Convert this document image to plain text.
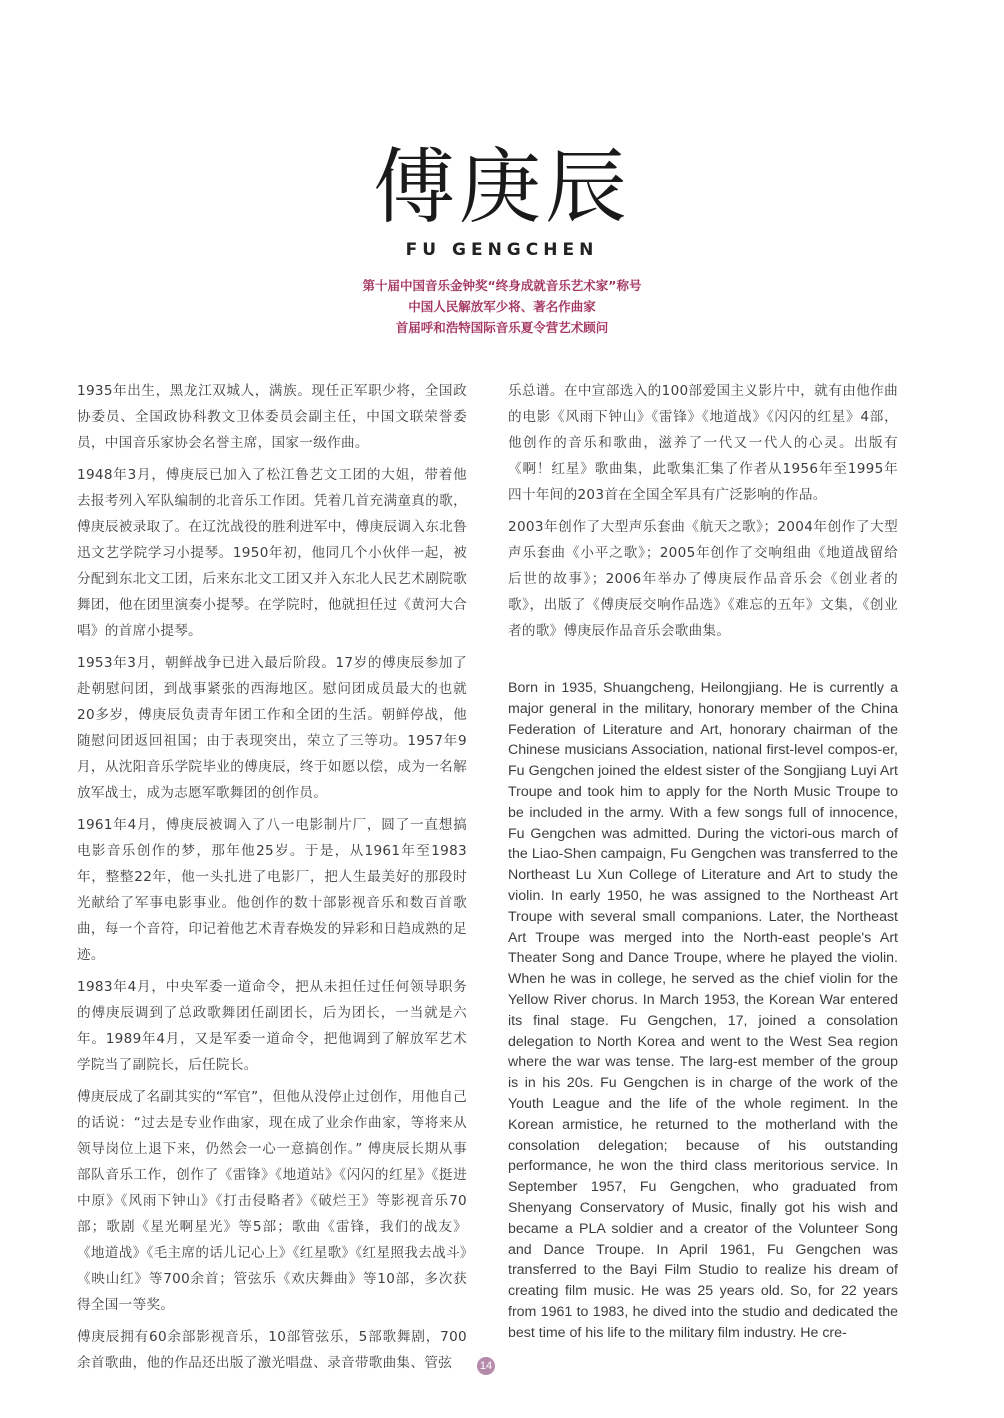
傅庚辰
FU GENGCHEN
第十届中国音乐金钟奖“终身成就音乐艺术家”称号
中国人民解放军少将、著名作曲家
首届呼和浩特国际音乐夏令营艺术顾问

1935年出生，黑龙江双城人，满族。现任正军职少将，全国政协委员、全国政协科教文卫体委员会副主任，中国文联荣誉委员，中国音乐家协会名誉主席，国家一级作曲。

1948年3月，傅庚辰已加入了松江鲁艺文工团的大姐，带着他去报考列入军队编制的北音乐工作团。凭着几首充满童真的歌，傅庚辰被录取了。在辽沈战役的胜利进军中，傅庚辰调入东北鲁迅文艺学院学习小提琴。1950年初，他同几个小伙伴一起，被分配到东北文工团，后来东北文工团又并入东北人民艺术剧院歌舞团，他在团里演奏小提琴。在学院时，他就担任过《黄河大合唱》的首席小提琴。

1953年3月，朝鲜战争已进入最后阶段。17岁的傅庚辰参加了赴朝慰问团，到战事紧张的西海地区。慰问团成员最大的也就20多岁，傅庚辰负责青年团工作和全团的生活。朝鲜停战，他随慰问团返回祖国；由于表现突出，荣立了三等功。1957年9月，从沈阳音乐学院毕业的傅庚辰，终于如愿以偿，成为一名解放军战士，成为志愿军歌舞团的创作员。

1961年4月，傅庚辰被调入了八一电影制片厂，圆了一直想搞电影音乐创作的梦，那年他25岁。于是，从1961年至1983年，整整22年，他一头扎进了电影厂，把人生最美好的那段时光献给了军事电影事业。他创作的数十部影视音乐和数百首歌曲，每一个音符，印记着他艺术青春焕发的异彩和日趋成熟的足迹。

1983年4月，中央军委一道命令，把从未担任过任何领导职务的傅庚辰调到了总政歌舞团任副团长，后为团长，一当就是六年。1989年4月，又是军委一道命令，把他调到了解放军艺术学院当了副院长，后任院长。

傅庚辰成了名副其实的“军官”，但他从没停止过创作，用他自己的话说：“过去是专业作曲家，现在成了业余作曲家，等将来从领导岗位上退下来，仍然会一心一意搞创作。” 傅庚辰长期从事部队音乐工作，创作了《雷锋》《地道站》《闪闪的红星》《挺进中原》《风雨下钟山》《打击侵略者》《破烂王》等影视音乐70部；歌剧《星光啊星光》等5部；歌曲《雷锋，我们的战友》《地道战》《毛主席的话儿记心上》《红星歌》《红星照我去战斗》《映山红》等700余首；管弦乐《欢庆舞曲》等10部，多次获得全国一等奖。

傅庚辰拥有60余部影视音乐，10部管弦乐，5部歌舞剧，700余首歌曲，他的作品还出版了激光唱盘、录音带歌曲集、管弦

乐总谱。在中宣部选入的100部爱国主义影片中，就有由他作曲的电影《风雨下钟山》《雷锋》《地道战》《闪闪的红星》4部，他创作的音乐和歌曲，滋养了一代又一代人的心灵。出版有《啊！红星》歌曲集，此歌集汇集了作者从1956年至1995年四十年间的203首在全国全军具有广泛影响的作品。

2003年创作了大型声乐套曲《航天之歌》；2004年创作了大型声乐套曲《小平之歌》；2005年创作了交响组曲《地道战留给后世的故事》；2006年举办了傅庚辰作品音乐会《创业者的歌》，出版了《傅庚辰交响作品选》《难忘的五年》文集，《创业者的歌》傅庚辰作品音乐会歌曲集。

Born in 1935, Shuangcheng, Heilongjiang. He is currently a major general in the military, honorary member of the China Federation of Literature and Art, honorary chairman of the Chinese musicians Association, national first-level compos-er, Fu Gengchen joined the eldest sister of the Songjiang Luyi Art Troupe and took him to apply for the North Music Troupe to be included in the army. With a few songs full of innocence, Fu Gengchen was admitted. During the victori-ous march of the Liao-Shen campaign, Fu Gengchen was transferred to the Northeast Lu Xun College of Literature and Art to study the violin. In early 1950, he was assigned to the Northeast Art Troupe with several small companions. Later, the Northeast Art Troupe was merged into the North-east people's Art Theater Song and Dance Troupe, where he played the violin. When he was in college, he served as the chief violin for the Yellow River chorus. In March 1953, the Korean War entered its final stage. Fu Gengchen, 17, joined a consolation delegation to North Korea and went to the West Sea region where the war was tense. The larg-est member of the group is in his 20s. Fu Gengchen is in charge of the work of the Youth League and the life of the whole regiment. In the Korean armistice, he returned to the motherland with the consolation delegation; because of his outstanding performance, he won the third class meritorious service. In September 1957, Fu Gengchen, who graduated from Shenyang Conservatory of Music, finally got his wish and became a PLA soldier and a creator of the Volunteer Song and Dance Troupe. In April 1961, Fu Gengchen was transferred to the Bayi Film Studio to realize his dream of creating film music. He was 25 years old. So, for 22 years from 1961 to 1983, he dived into the studio and dedicated the best time of his life to the military film industry. He cre-

14
